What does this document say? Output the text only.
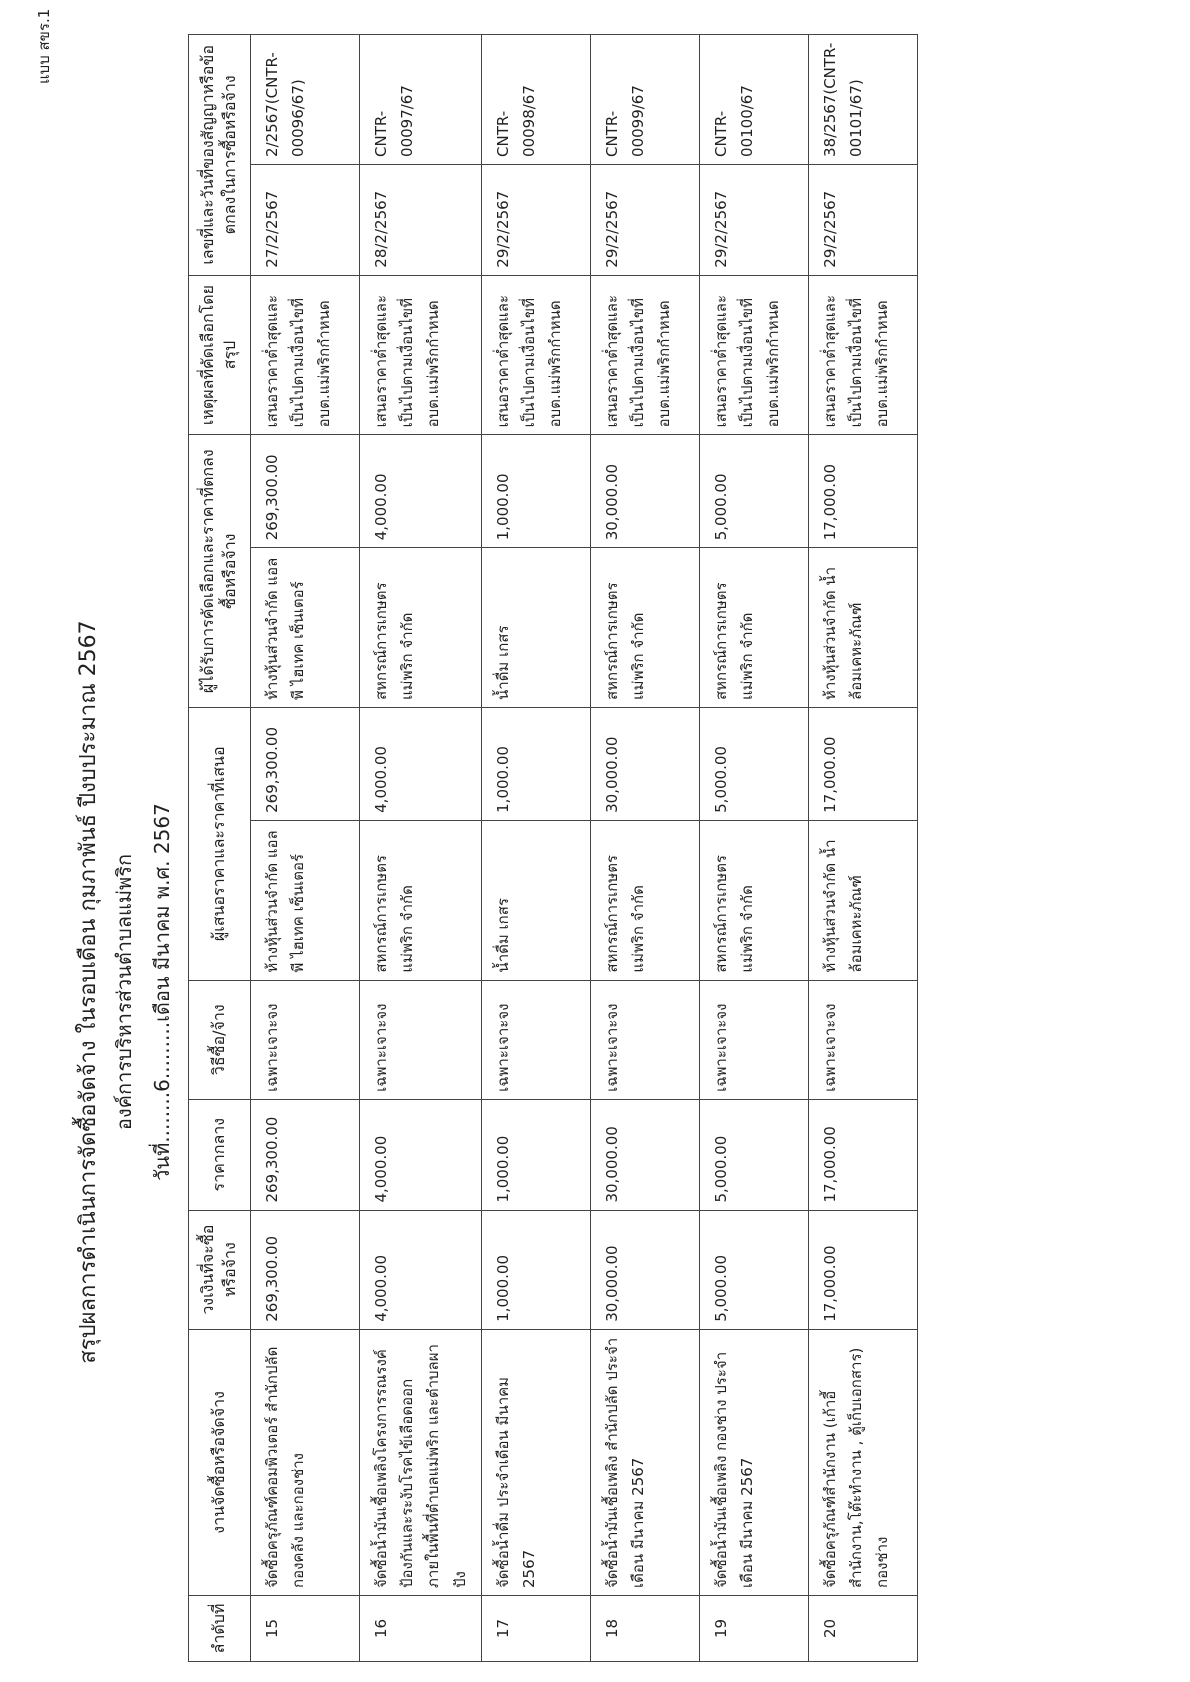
แบบ สขร.1
สรุปผลการดำเนินการจัดซื้อจัดจ้าง ในรอบเดือน กุมภาพันธ์ ปีงบประมาณ 2567 องค์การบริหารส่วนตำบลแม่พริก วันที่........6.........เดือน มีนาคม พ.ศ. 2567
ลำดับที่	งานจัดซื้อหรือจัดจ้าง	วงเงินที่จะซื้อหรือจ้าง	ราคากลาง	วิธีซื้อ/จ้าง	ผู้เสนอราคาและราคาที่เสนอ		ผู้ได้รับการคัดเลือกและราคาที่ตกลงซื้อหรือจ้าง		เหตุผลที่คัดเลือกโดยสรุป	เลขที่และวันที่ของสัญญาหรือข้อตกลงในการซื้อหรือจ้าง	
15	จัดซื้อครุภัณฑ์คอมพิวเตอร์ สำนักปลัด กองคลัง และกองช่าง	269,300.00	269,300.00	เฉพาะเจาะจง	ห้างหุ้นส่วนจำกัด แอล พี ไฮเทค เซ็นเตอร์	269,300.00	ห้างหุ้นส่วนจำกัด แอล พี ไฮเทค เซ็นเตอร์	269,300.00	เสนอราคาต่ำสุดและเป็นไปตามเงื่อนไขที่ อบต.แม่พริกกำหนด	27/2/2567	2/2567(CNTR-00096/67)
16	จัดซื้อน้ำมันเชื้อเพลิงโครงการรณรงค์ป้องกันและระงับโรคไข้เลือดออกภายในพื้นที่ตำบลแม่พริก และตำบลผาปัง	4,000.00	4,000.00	เฉพาะเจาะจง	สหกรณ์การเกษตรแม่พริก จำกัด	4,000.00	สหกรณ์การเกษตรแม่พริก จำกัด	4,000.00	เสนอราคาต่ำสุดและเป็นไปตามเงื่อนไขที่ อบต.แม่พริกกำหนด	28/2/2567	CNTR-00097/67
17	จัดซื้อน้ำดื่ม ประจำเดือน มีนาคม 2567	1,000.00	1,000.00	เฉพาะเจาะจง	น้ำดื่ม เกสร	1,000.00	น้ำดื่ม เกสร	1,000.00	เสนอราคาต่ำสุดและเป็นไปตามเงื่อนไขที่ อบต.แม่พริกกำหนด	29/2/2567	CNTR-00098/67
18	จัดซื้อน้ำมันเชื้อเพลิง สำนักปลัด ประจำเดือน มีนาคม 2567	30,000.00	30,000.00	เฉพาะเจาะจง	สหกรณ์การเกษตรแม่พริก จำกัด	30,000.00	สหกรณ์การเกษตรแม่พริก จำกัด	30,000.00	เสนอราคาต่ำสุดและเป็นไปตามเงื่อนไขที่ อบต.แม่พริกกำหนด	29/2/2567	CNTR-00099/67
19	จัดซื้อน้ำมันเชื้อเพลิง กองช่าง ประจำเดือน มีนาคม 2567	5,000.00	5,000.00	เฉพาะเจาะจง	สหกรณ์การเกษตรแม่พริก จำกัด	5,000.00	สหกรณ์การเกษตรแม่พริก จำกัด	5,000.00	เสนอราคาต่ำสุดและเป็นไปตามเงื่อนไขที่ อบต.แม่พริกกำหนด	29/2/2567	CNTR-00100/67
20	จัดซื้อครุภัณฑ์สำนักงาน (เก้าอี้สำนักงาน,โต๊ะทำงาน , ตู้เก็บเอกสาร) กองช่าง	17,000.00	17,000.00	เฉพาะเจาะจง	ห้างหุ้นส่วนจำกัด น้ำล้อมเคหะภัณฑ์	17,000.00	ห้างหุ้นส่วนจำกัด น้ำล้อมเคหะภัณฑ์	17,000.00	เสนอราคาต่ำสุดและเป็นไปตามเงื่อนไขที่ อบต.แม่พริกกำหนด	29/2/2567	38/2567(CNTR-00101/67)
